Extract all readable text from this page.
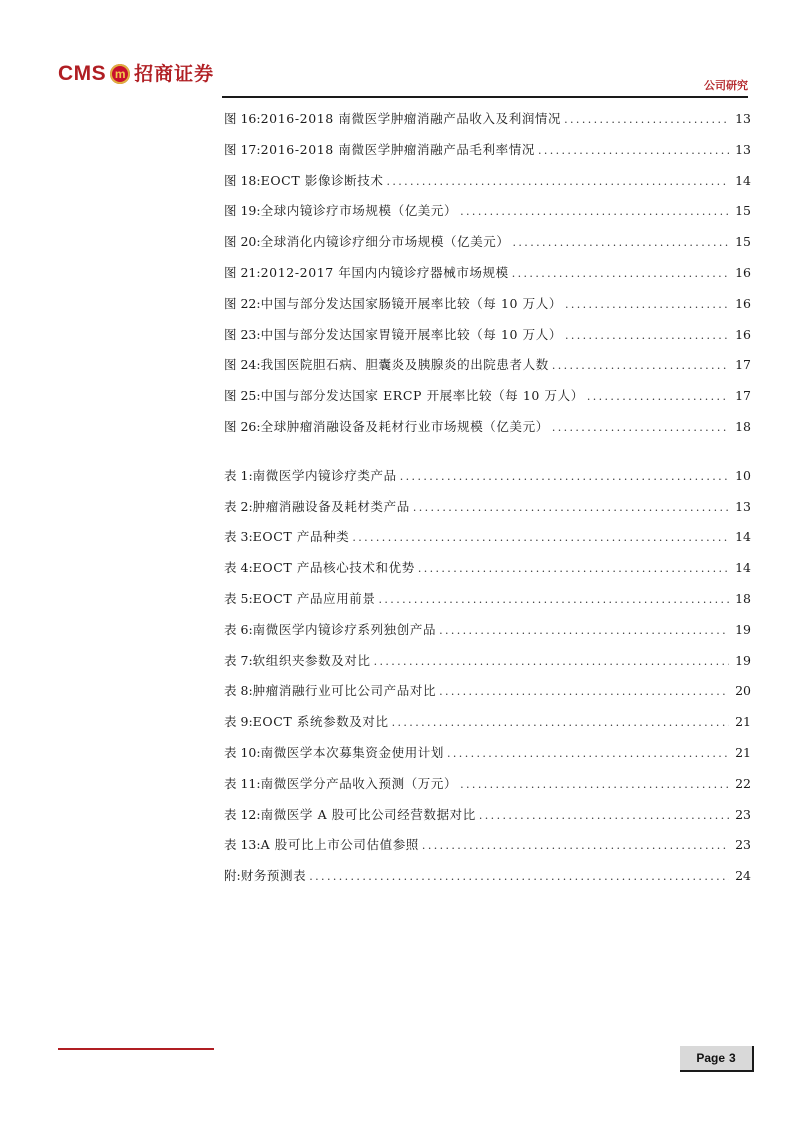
CMS m 招商证券
公司研究
图 16 : 2016-2018 南微医学肿瘤消融产品收入及利润情况 .....	13
图 17 : 2016-2018 南微医学肿瘤消融产品毛利率情况 .....	13
图 18 : EOCT 影像诊断技术 .....	14
图 19 : 全球内镜诊疗市场规模（亿美元） .....	15
图 20 : 全球消化内镜诊疗细分市场规模（亿美元） .....	15
图 21 : 2012-2017 年国内内镜诊疗器械市场规模 .....	16
图 22 : 中国与部分发达国家肠镜开展率比较（每 10 万人） .....	16
图 23 : 中国与部分发达国家胃镜开展率比较（每 10 万人） .....	16
图 24 : 我国医院胆石病、胆囊炎及胰腺炎的出院患者人数 .....	17
图 25 : 中国与部分发达国家 ERCP 开展率比较（每 10 万人） .....	17
图 26 : 全球肿瘤消融设备及耗材行业市场规模（亿美元） .....	18
表 1 : 南微医学内镜诊疗类产品 .....	10
表 2 : 肿瘤消融设备及耗材类产品 .....	13
表 3 : EOCT 产品种类 .....	14
表 4 : EOCT 产品核心技术和优势 .....	14
表 5 : EOCT 产品应用前景 .....	18
表 6 : 南微医学内镜诊疗系列独创产品 .....	19
表 7 : 软组织夹参数及对比 .....	19
表 8 : 肿瘤消融行业可比公司产品对比 .....	20
表 9 : EOCT 系统参数及对比 .....	21
表 10 : 南微医学本次募集资金使用计划 .....	21
表 11 : 南微医学分产品收入预测（万元） .....	22
表 12 : 南微医学 A 股可比公司经营数据对比 .....	23
表 13 : A 股可比上市公司估值参照 .....	23
附 : 财务预测表 .....	24
Page 3
